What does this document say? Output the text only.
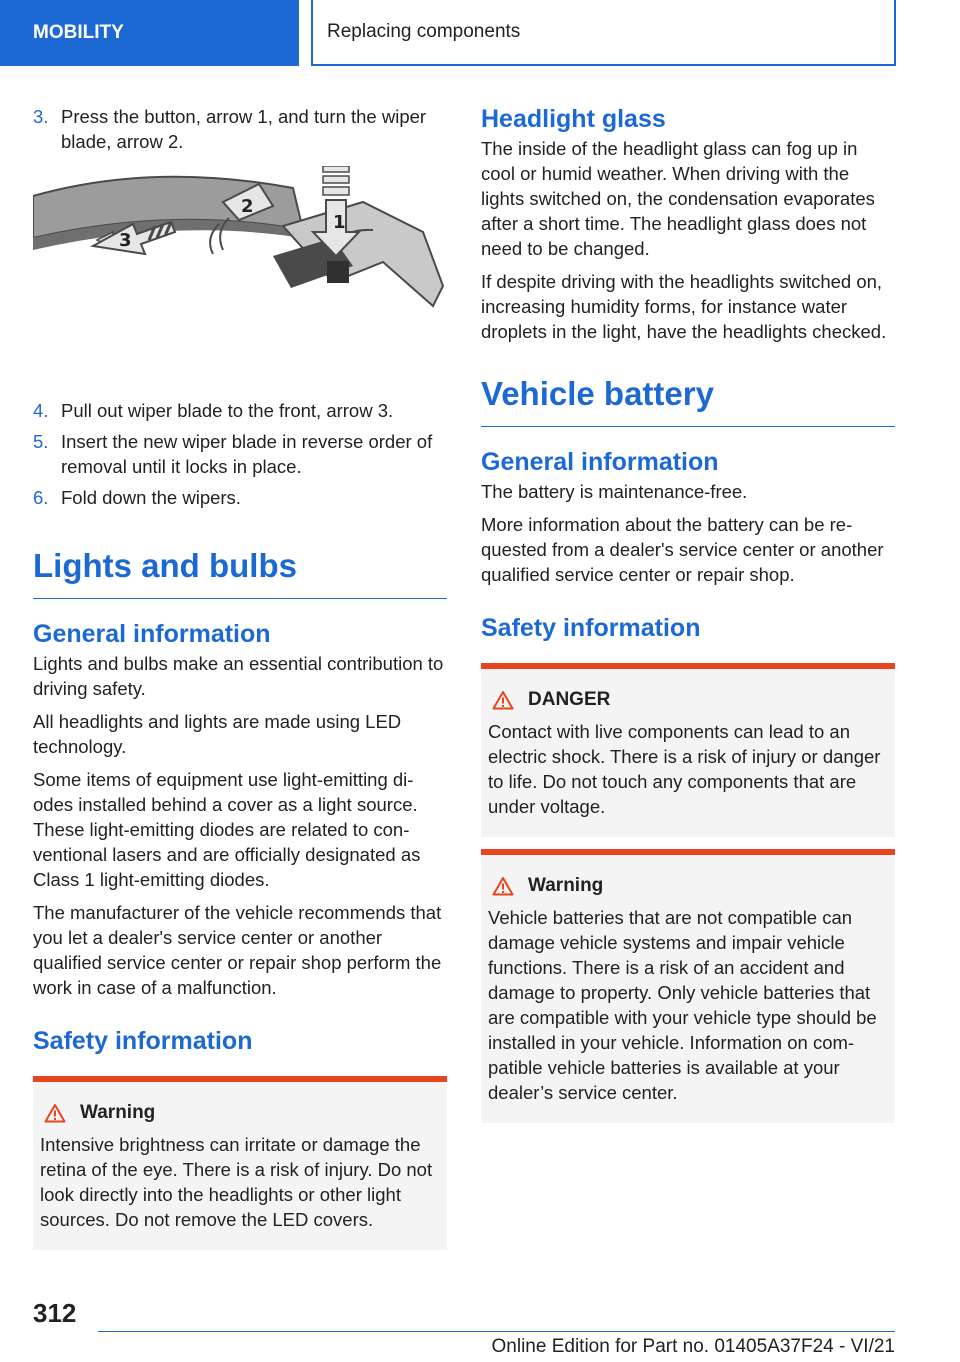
MOBILITY	Replacing components
3. Press the button, arrow 1, and turn the wiper blade, arrow 2.
1
2
3
4. Pull out wiper blade to the front, arrow 3.
5. Insert the new wiper blade in reverse order of removal until it locks in place.
6. Fold down the wipers.
Lights and bulbs
General information

Lights and bulbs make an essential contribution to driving safety.

All headlights and lights are made using LED technology.

Some items of equipment use light-emitting diodes installed behind a cover as a light source. These light-emitting diodes are related to conventional lasers and are officially designated as Class 1 light-emitting diodes.

The manufacturer of the vehicle recommends that you let a dealer's service center or another qualified service center or repair shop perform the work in case of a malfunction.

Safety information
Warning

Intensive brightness can irritate or damage the retina of the eye. There is a risk of injury. Do not look directly into the headlights or other light sources. Do not remove the LED covers.

Headlight glass

The inside of the headlight glass can fog up in cool or humid weather. When driving with the lights switched on, the condensation evaporates after a short time. The headlight glass does not need to be changed.

If despite driving with the headlights switched on, increasing humidity forms, for instance water droplets in the light, have the headlights checked.

Vehicle battery
General information

The battery is maintenance-free.

More information about the battery can be requested from a dealer's service center or another qualified service center or repair shop.

Safety information
DANGER

Contact with live components can lead to an electric shock. There is a risk of injury or danger to life. Do not touch any components that are under voltage.

Warning

Vehicle batteries that are not compatible can damage vehicle systems and impair vehicle functions. There is a risk of an accident and damage to property. Only vehicle batteries that are compatible with your vehicle type should be installed in your vehicle. Information on compatible vehicle batteries is available at your dealer’s service center.

312
Online Edition for Part no. 01405A37F24 - VI/21
